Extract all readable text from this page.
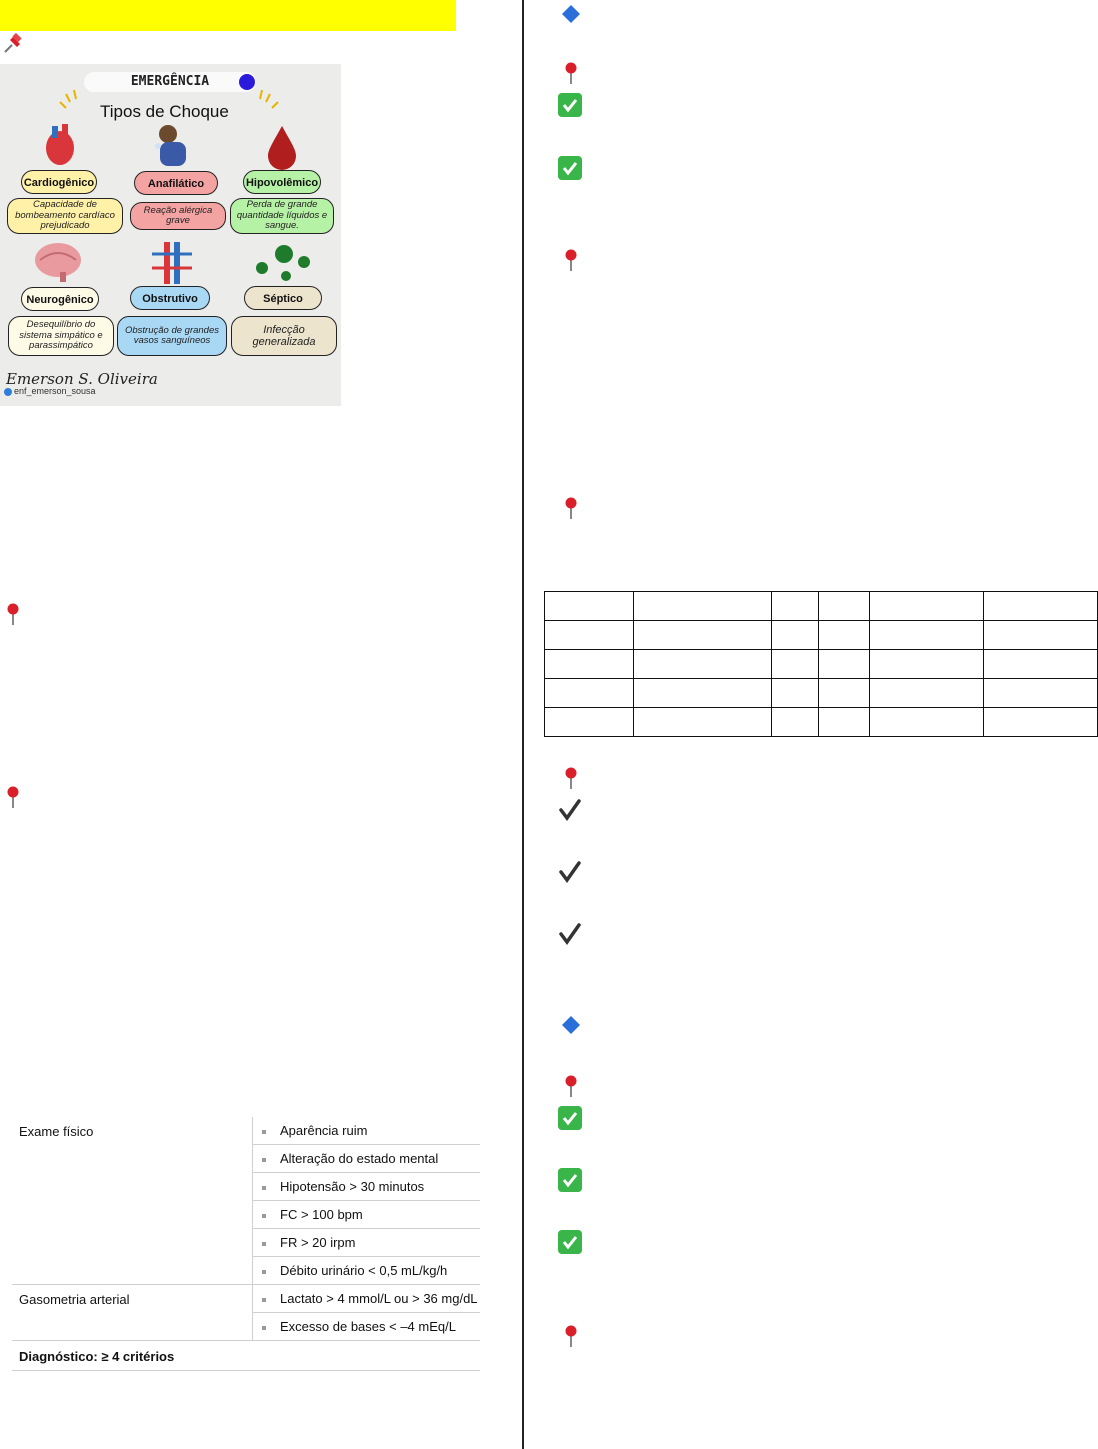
EMERGÊNCIA
Tipos de Choque
Cardiogênico	Anafilático	Hipovolêmico
Capacidade de bombeamento cardíaco prejudicado
Reação alérgica grave
Perda de grande quantidade líquidos e sangue.
Neurogênico	Obstrutivo	Séptico
Desequilíbrio do sistema simpático e parassimpático
Obstrução de grandes vasos sanguíneos
Infecção generalizada
Emerson S. Oliveira
enf_emerson_sousa
Exame físico	Aparência ruim
	Alteração do estado mental
	Hipotensão > 30 minutos
	FC > 100 bpm
	FR > 20 irpm
	Débito urinário < 0,5 mL/kg/h
Gasometria arterial	Lactato > 4 mmol/L ou > 36 mg/dL
	Excesso de bases < –4 mEq/L
Diagnóstico: ≥ 4 critérios	
